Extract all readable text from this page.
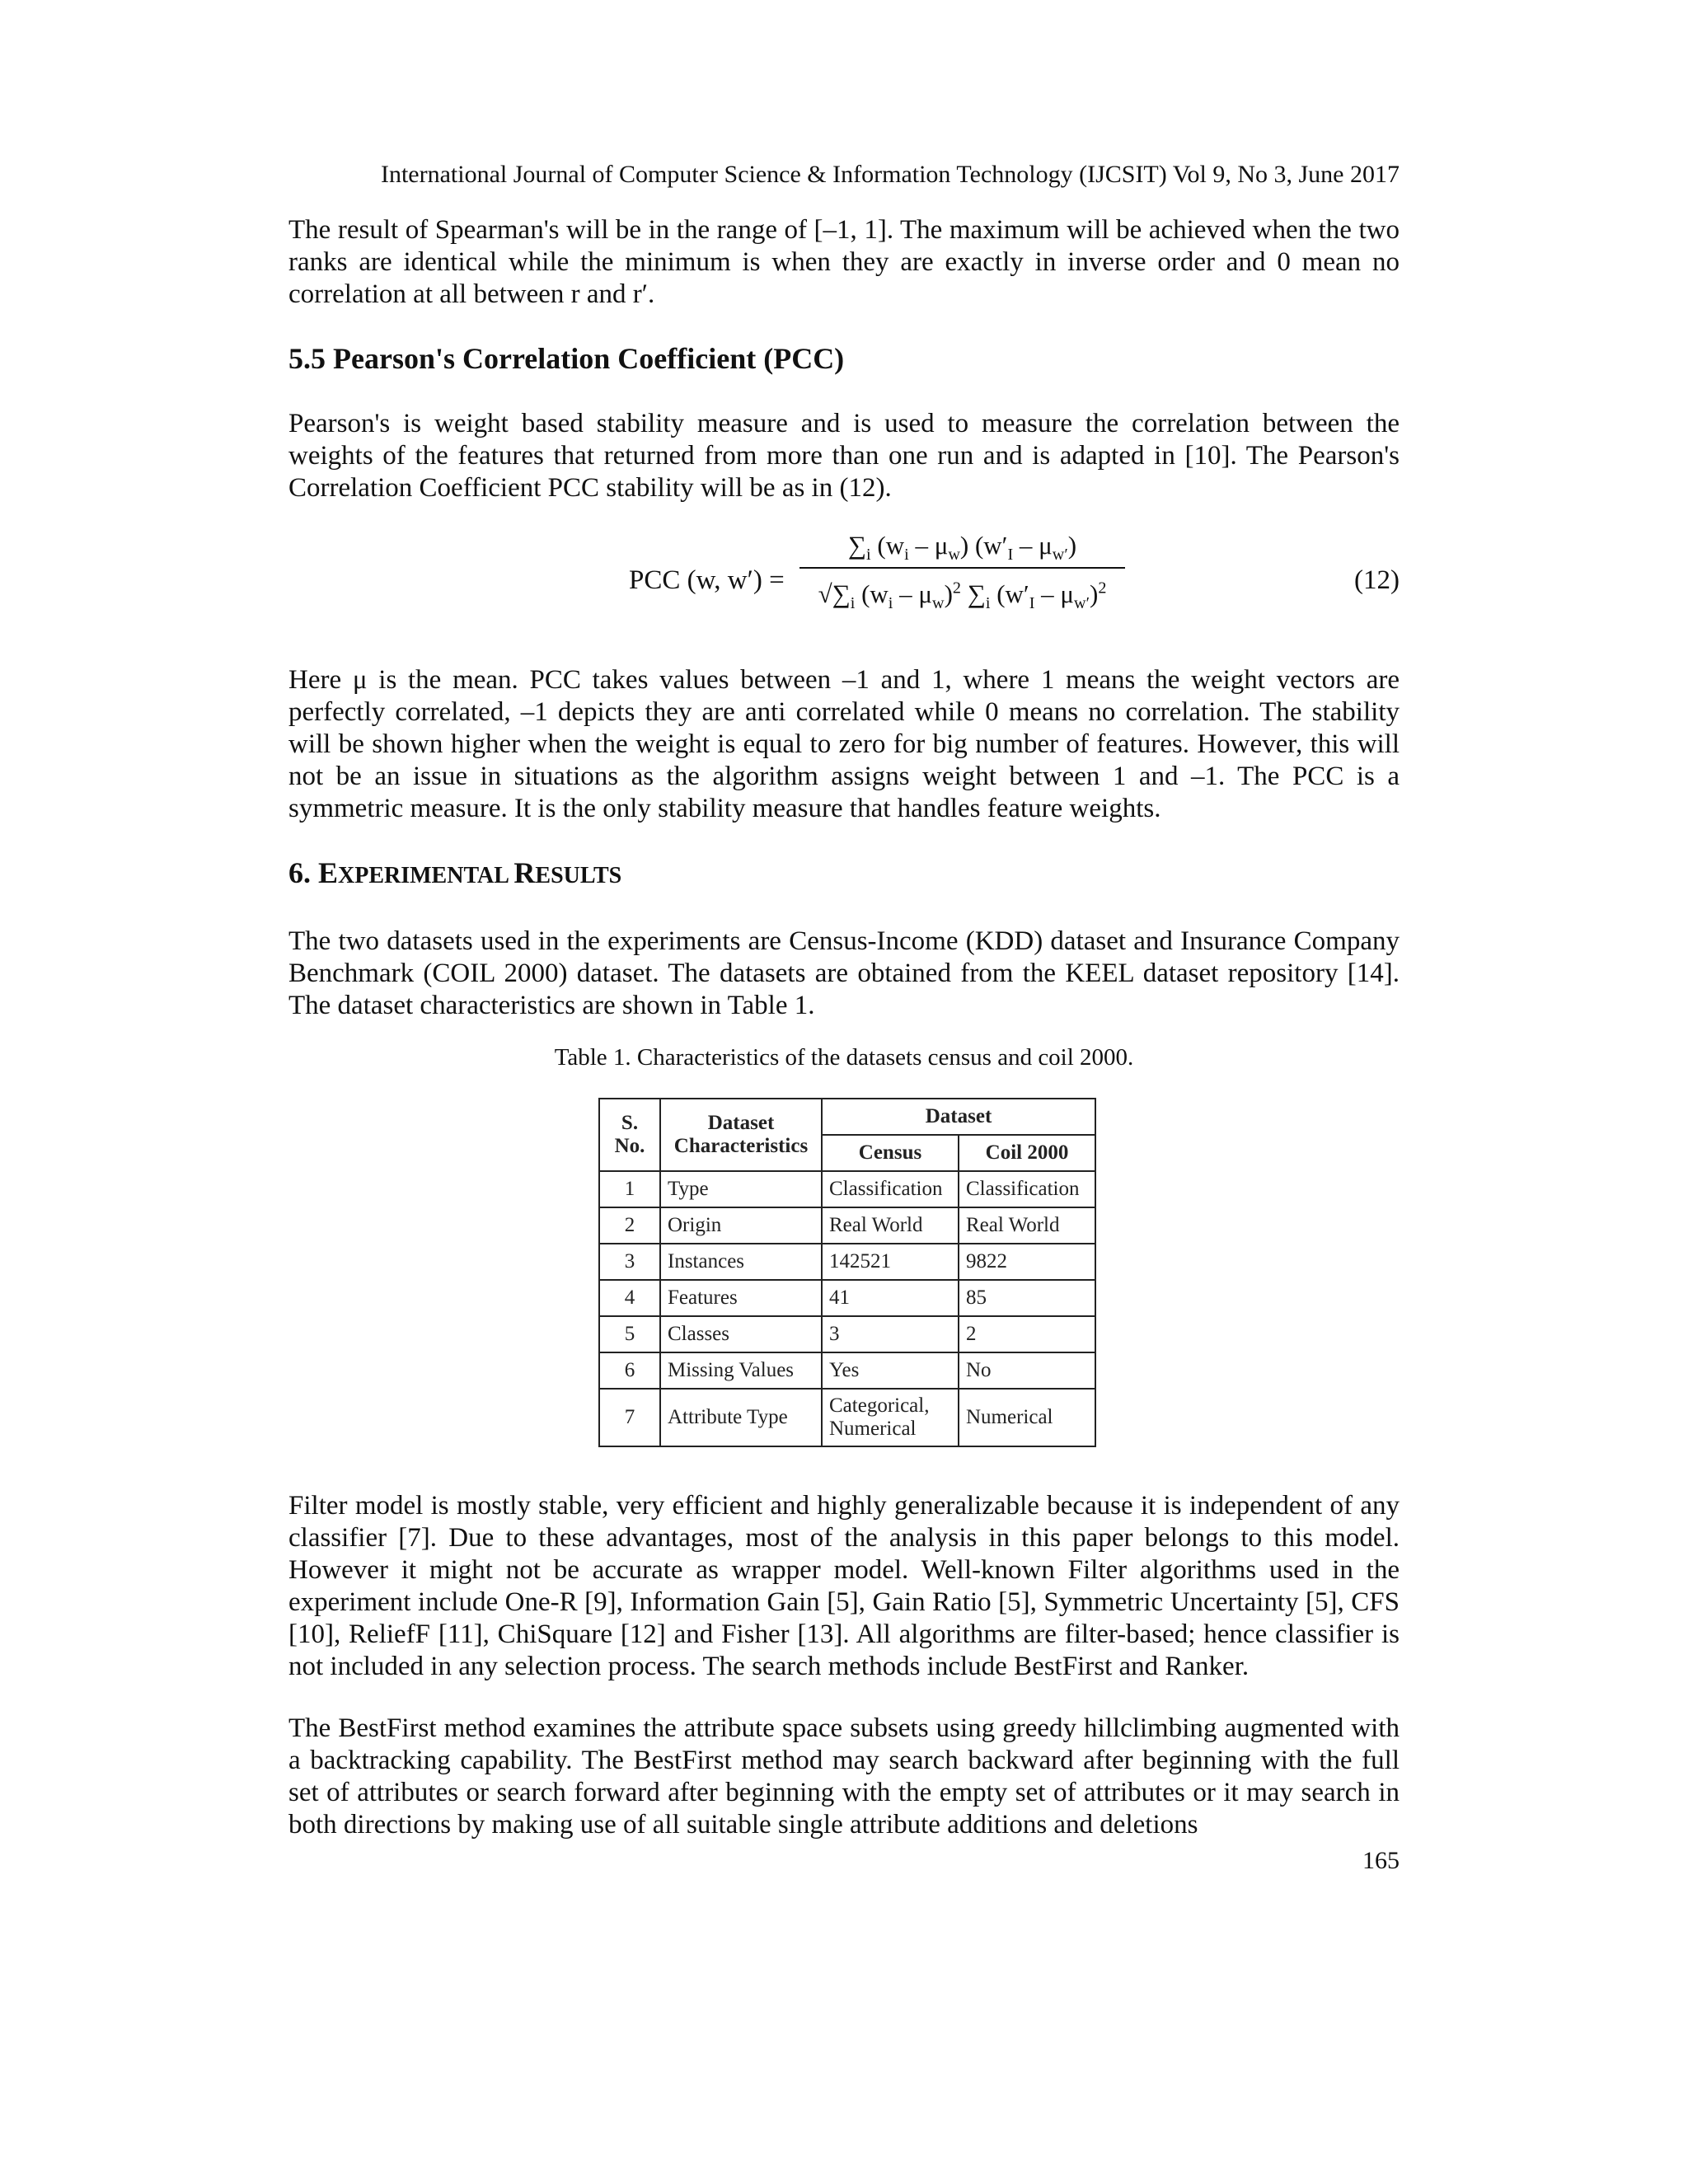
International Journal of Computer Science & Information Technology (IJCSIT) Vol 9, No 3, June 2017

The result of Spearman's will be in the range of [–1, 1]. The maximum will be achieved when the two ranks are identical while the minimum is when they are exactly in inverse order and 0 mean no correlation at all between r and r′.

5.5 Pearson's Correlation Coefficient (PCC)

Pearson's is weight based stability measure and is used to measure the correlation between the weights of the features that returned from more than one run and is adapted in [10]. The Pearson's Correlation Coefficient PCC stability will be as in (12).

PCC (w, w′) =
$\sum_i$ $(w_i - \mu_w)$ $(w'_I - \mu_{w'})$
$√\sum_i$ $(w_i - \mu_w)^2$ $\sum_i$ $(w'_I - \mu_{w'})^2$	(12)

Here μ is the mean. PCC takes values between –1 and 1, where 1 means the weight vectors are perfectly correlated, –1 depicts they are anti correlated while 0 means no correlation. The stability will be shown higher when the weight is equal to zero for big number of features. However, this will not be an issue in situations as the algorithm assigns weight between 1 and –1. The PCC is a symmetric measure. It is the only stability measure that handles feature weights.

6. EXPERIMENTAL RESULTS

The two datasets used in the experiments are Census-Income (KDD) dataset and Insurance Company Benchmark (COIL 2000) dataset. The datasets are obtained from the KEEL dataset repository [14]. The dataset characteristics are shown in Table 1.

Table 1. Characteristics of the datasets census and coil 2000.
S. No.	Dataset Characteristics	Dataset	
		Census	Coil 2000
1	Type	Classification	Classification
2	Origin	Real World	Real World
3	Instances	142521	9822
4	Features	41	85
5	Classes	3	2
6	Missing Values	Yes	No
7	Attribute Type	Categorical, Numerical	Numerical

Filter model is mostly stable, very efficient and highly generalizable because it is independent of any classifier [7]. Due to these advantages, most of the analysis in this paper belongs to this model. However it might not be accurate as wrapper model. Well-known Filter algorithms used in the experiment include One-R [9], Information Gain [5], Gain Ratio [5], Symmetric Uncertainty [5], CFS [10], ReliefF [11], ChiSquare [12] and Fisher [13]. All algorithms are filter-based; hence classifier is not included in any selection process. The search methods include BestFirst and Ranker.

The BestFirst method examines the attribute space subsets using greedy hillclimbing augmented with a backtracking capability. The BestFirst method may search backward after beginning with the full set of attributes or search forward after beginning with the empty set of attributes or it may search in both directions by making use of all suitable single attribute additions and deletions

165
